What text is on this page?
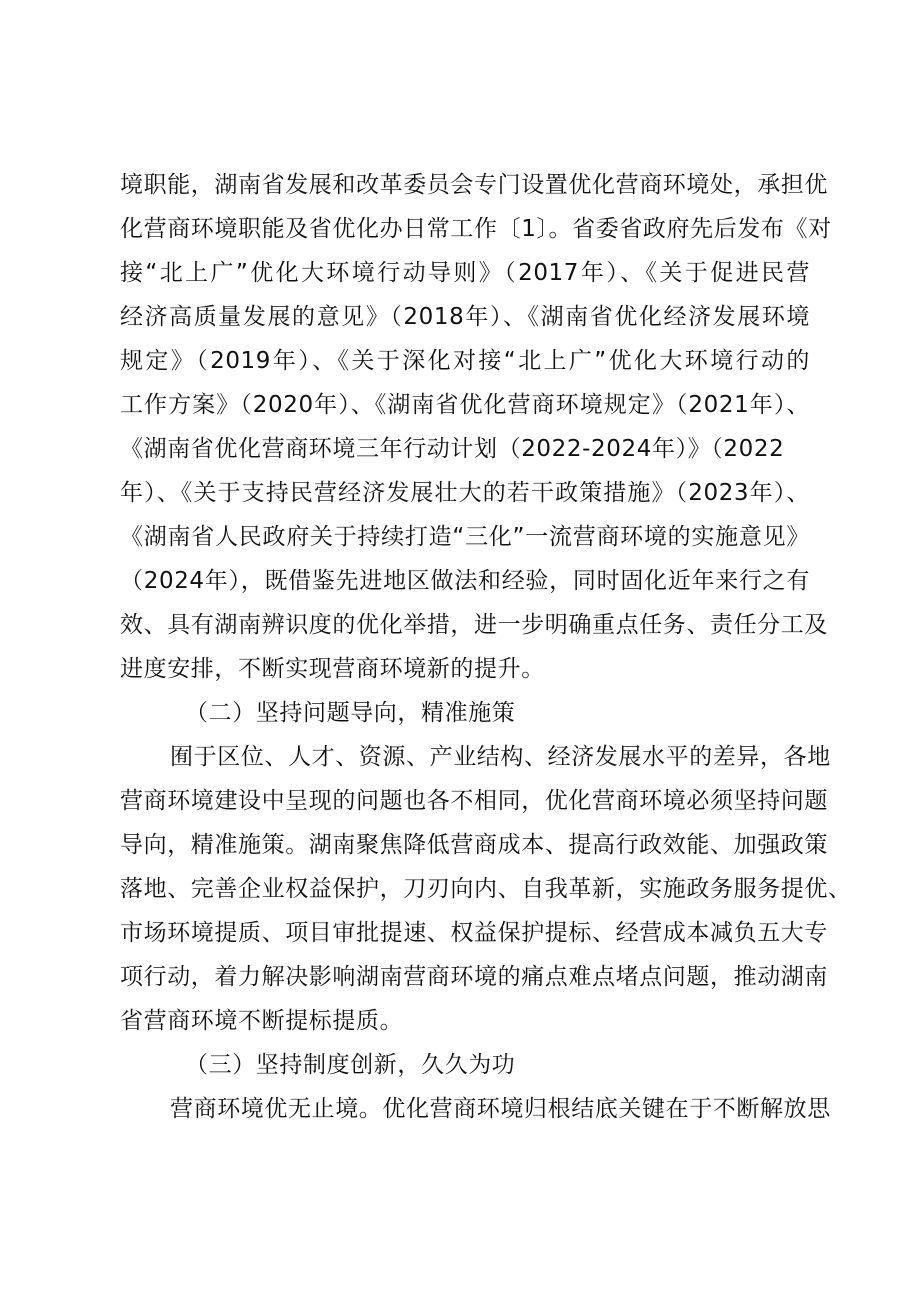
境职能，湖南省发展和改革委员会专门设置优化营商环境处，承担优
化营商环境职能及省优化办日常工作〔1〕。省委省政府先后发布《对
接“北上广”优化大环境行动导则》（2017年）、《关于促进民营
经济高质量发展的意见》（2018年）、《湖南省优化经济发展环境
规定》（2019年）、《关于深化对接“北上广”优化大环境行动的
工作方案》（2020年）、《湖南省优化营商环境规定》（2021年）、
《湖南省优化营商环境三年行动计划（2022-2024年）》（2022
年）、《关于支持民营经济发展壮大的若干政策措施》（2023年）、
《湖南省人民政府关于持续打造“三化”一流营商环境的实施意见》
（2024年），既借鉴先进地区做法和经验，同时固化近年来行之有
效、具有湖南辨识度的优化举措，进一步明确重点任务、责任分工及
进度安排，不断实现营商环境新的提升。
（二）坚持问题导向，精准施策
囿于区位、人才、资源、产业结构、经济发展水平的差异，各地
营商环境建设中呈现的问题也各不相同，优化营商环境必须坚持问题
导向，精准施策。湖南聚焦降低营商成本、提高行政效能、加强政策
落地、完善企业权益保护，刀刃向内、自我革新，实施政务服务提优、
市场环境提质、项目审批提速、权益保护提标、经营成本减负五大专
项行动，着力解决影响湖南营商环境的痛点难点堵点问题，推动湖南
省营商环境不断提标提质。
（三）坚持制度创新，久久为功
营商环境优无止境。优化营商环境归根结底关键在于不断解放思
